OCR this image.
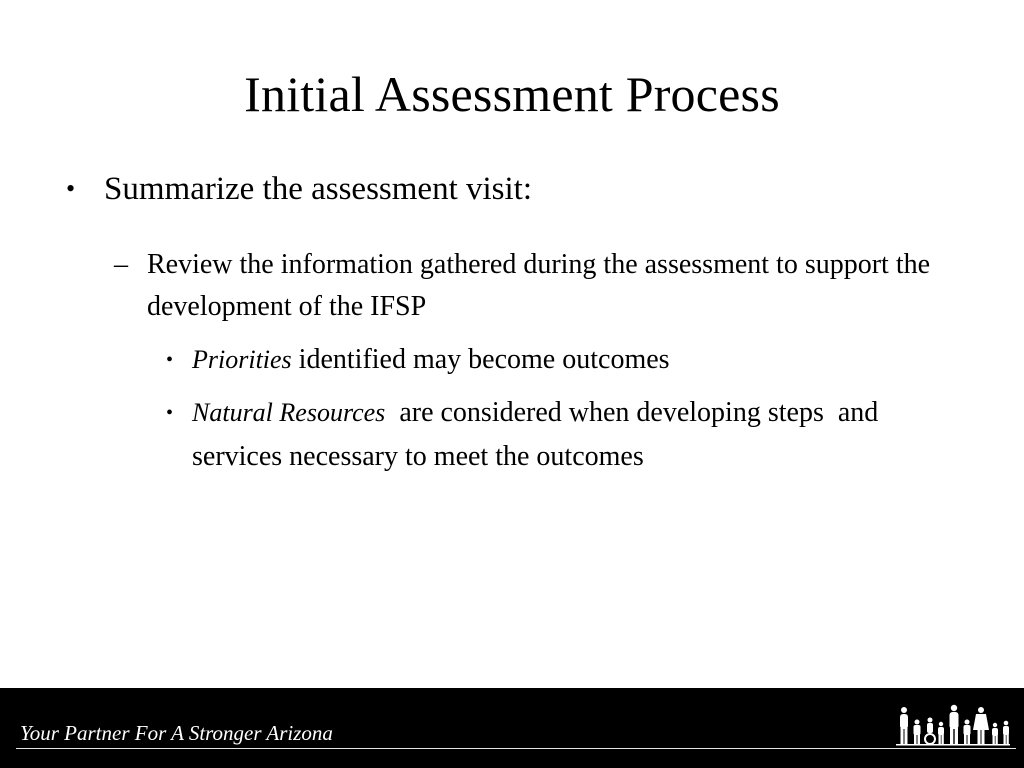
Initial Assessment Process
• Summarize the assessment visit:
– Review the information gathered during the assessment to support the development of the IFSP
• Priorities identified may become outcomes
• Natural Resources  are considered when developing steps  and services necessary to meet the outcomes
Your Partner For A Stronger Arizona
